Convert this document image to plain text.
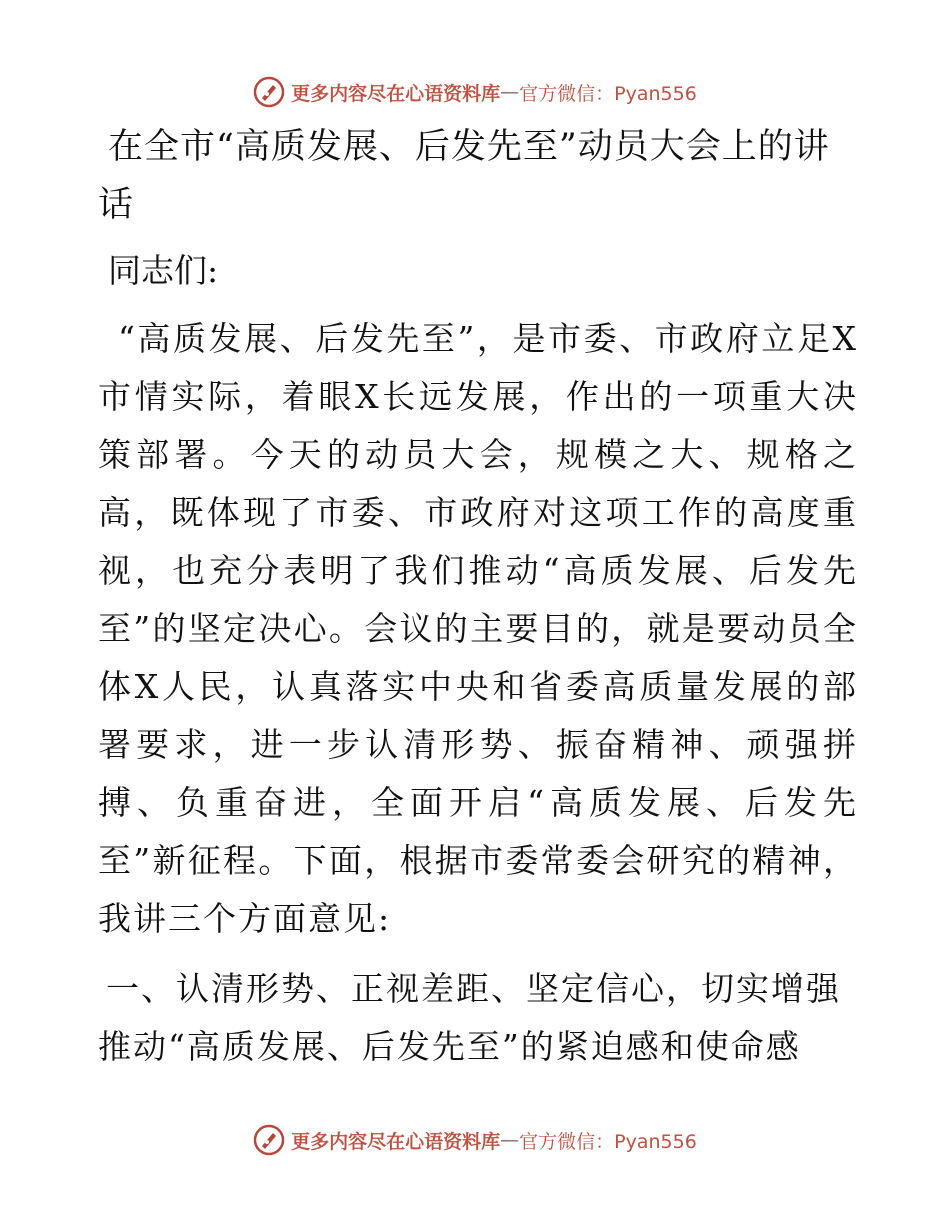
更多内容尽在心语资料库 — 官方微信：Pyan556
在全市“高质发展、后发先至”动员大会上的讲话

同志们:

“高质发展、后发先至”，是市委、市政府立足X市情实际，着眼X长远发展，作出的一项重大决策部署。今天的动员大会，规模之大、规格之高，既体现了市委、市政府对这项工作的高度重视，也充分表明了我们推动“高质发展、后发先至”的坚定决心。会议的主要目的，就是要动员全体X人民，认真落实中央和省委高质量发展的部署要求，进一步认清形势、振奋精神、顽强拼搏、负重奋进，全面开启“高质发展、后发先至”新征程。下面，根据市委常委会研究的精神，我讲三个方面意见:

一、认清形势、正视差距、坚定信心，切实增强推动“高质发展、后发先至”的紧迫感和使命感
更多内容尽在心语资料库 — 官方微信：Pyan556
